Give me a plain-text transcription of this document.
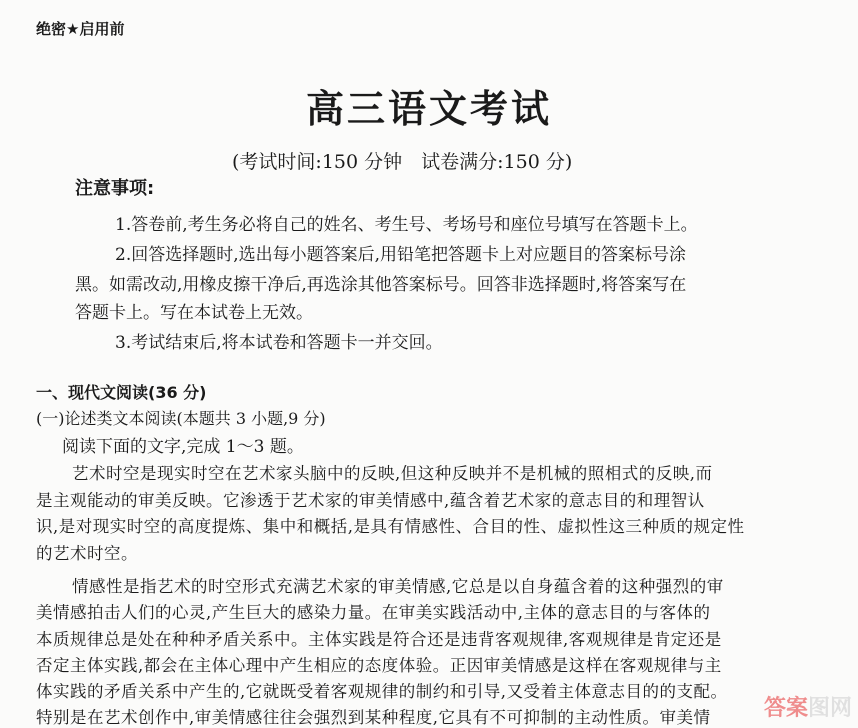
绝密★启用前
高三语文考试
(考试时间:150 分钟　试卷满分:150 分)
注意事项:
1.答卷前,考生务必将自己的姓名、考生号、考场号和座位号填写在答题卡上。
2.回答选择题时,选出每小题答案后,用铅笔把答题卡上对应题目的答案标号涂
黑。如需改动,用橡皮擦干净后,再选涂其他答案标号。回答非选择题时,将答案写在
答题卡上。写在本试卷上无效。
3.考试结束后,将本试卷和答题卡一并交回。
一、现代文阅读(36 分)
(一)论述类文本阅读(本题共 3 小题,9 分)
阅读下面的文字,完成 1～3 题。
艺术时空是现实时空在艺术家头脑中的反映,但这种反映并不是机械的照相式的反映,而
是主观能动的审美反映。它渗透于艺术家的审美情感中,蕴含着艺术家的意志目的和理智认
识,是对现实时空的高度提炼、集中和概括,是具有情感性、合目的性、虚拟性这三种质的规定性
的艺术时空。
情感性是指艺术的时空形式充满艺术家的审美情感,它总是以自身蕴含着的这种强烈的审
美情感拍击人们的心灵,产生巨大的感染力量。在审美实践活动中,主体的意志目的与客体的
本质规律总是处在种种矛盾关系中。主体实践是符合还是违背客观规律,客观规律是肯定还是
否定主体实践,都会在主体心理中产生相应的态度体验。正因审美情感是这样在客观规律与主
体实践的矛盾关系中产生的,它就既受着客观规律的制约和引导,又受着主体意志目的的支配。
特别是在艺术创作中,审美情感往往会强烈到某种程度,它具有不可抑制的主动性质。审美情 答案图网
